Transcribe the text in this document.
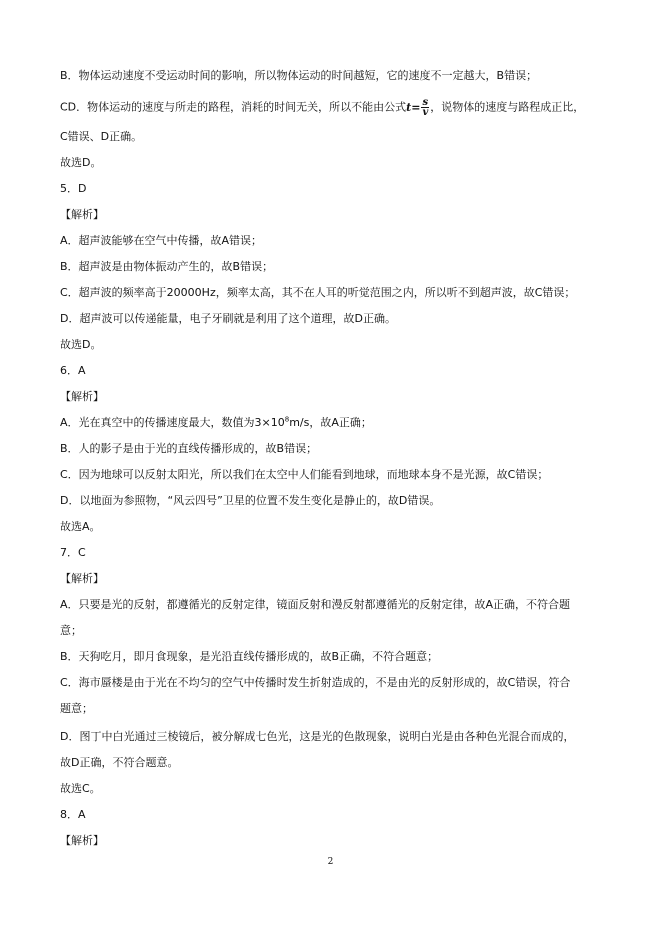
B．物体运动速度不受运动时间的影响，所以物体运动的时间越短，它的速度不一定越大，B错误；
CD．物体运动的速度与所走的路程，消耗的时间无关，所以不能由公式$t= \frac{s}{v}$ ，说物体的速度与路程成正比，
C错误、D正确。
故选D。
5．D
【解析】
A．超声波能够在空气中传播，故A错误；
B．超声波是由物体振动产生的，故B错误；
C．超声波的频率高于20000Hz，频率太高，其不在人耳的听觉范围之内，所以听不到超声波，故C错误；
D．超声波可以传递能量，电子牙刷就是利用了这个道理，故D正确。
故选D。
6．A
【解析】
A．光在真空中的传播速度最大，数值为$3\times 10^8m/s$，故A正确；
B．人的影子是由于光的直线传播形成的，故B错误；
C．因为地球可以反射太阳光，所以我们在太空中人们能看到地球，而地球本身不是光源，故C错误；
D．以地面为参照物，“风云四号”卫星的位置不发生变化是静止的，故D错误。
故选A。
7．C
【解析】
A．只要是光的反射，都遵循光的反射定律，镜面反射和漫反射都遵循光的反射定律，故A正确，不符合题
意；
B．天狗吃月，即月食现象，是光沿直线传播形成的，故B正确，不符合题意；
C．海市蜃楼是由于光在不均匀的空气中传播时发生折射造成的，不是由光的反射形成的，故C错误，符合
题意；
D．图丁中白光通过三棱镜后，被分解成七色光，这是光的色散现象，说明白光是由各种色光混合而成的，
故D正确，不符合题意。
故选C。
8．A
【解析】
2
